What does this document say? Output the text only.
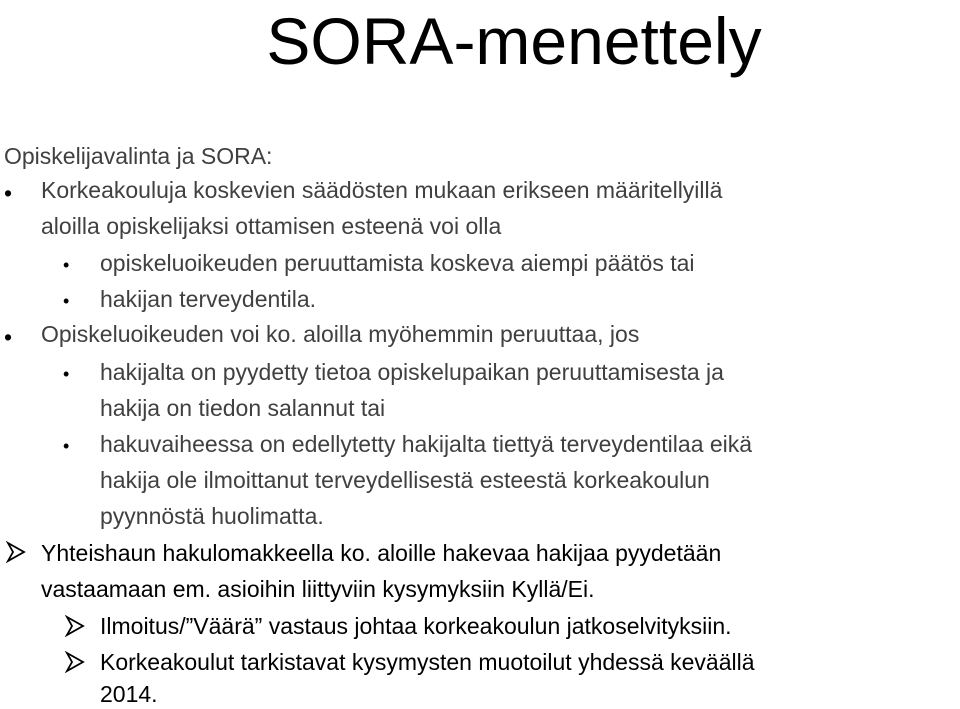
SORA-menettely
Opiskelijavalinta ja SORA:
• Korkeakouluja koskevien säädösten mukaan erikseen määritellyillä
aloilla opiskelijaksi ottamisen esteenä voi olla
• opiskeluoikeuden peruuttamista koskeva aiempi päätös tai
• hakijan terveydentila.
• Opiskeluoikeuden voi ko. aloilla myöhemmin peruuttaa, jos
• hakijalta on pyydetty tietoa opiskelupaikan peruuttamisesta ja
hakija on tiedon salannut tai
• hakuvaiheessa on edellytetty hakijalta tiettyä terveydentilaa eikä
hakija ole ilmoittanut terveydellisestä esteestä korkeakoulun
pyynnöstä huolimatta.
Yhteishaun hakulomakkeella ko. aloille hakevaa hakijaa pyydetään
vastaamaan em. asioihin liittyviin kysymyksiin Kyllä/Ei.
Ilmoitus/”Väärä” vastaus johtaa korkeakoulun jatkoselvityksiin.
Korkeakoulut tarkistavat kysymysten muotoilut yhdessä keväällä
2014.
